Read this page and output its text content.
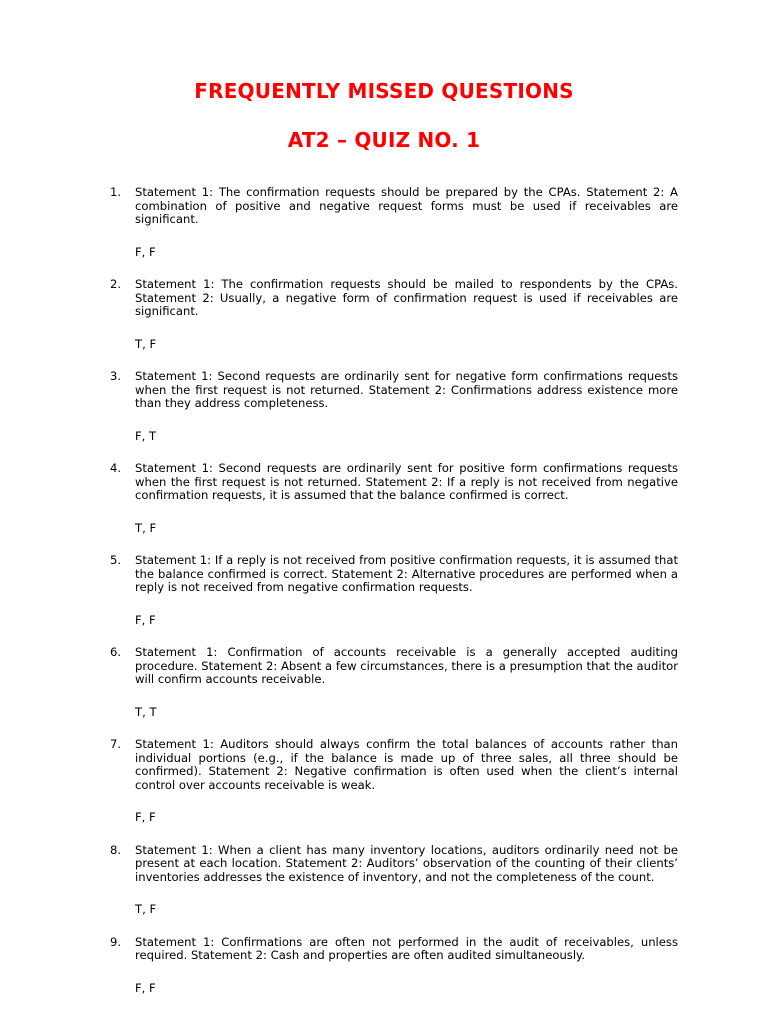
FREQUENTLY MISSED QUESTIONS
AT2 – QUIZ NO. 1
1. Statement 1: The confirmation requests should be prepared by the CPAs. Statement 2: A combination of positive and negative request forms must be used if receivables are significant.

F, F

2. Statement 1: The confirmation requests should be mailed to respondents by the CPAs. Statement 2: Usually, a negative form of confirmation request is used if receivables are significant.

T, F

3. Statement 1: Second requests are ordinarily sent for negative form confirmations requests when the first request is not returned. Statement 2: Confirmations address existence more than they address completeness.

F, T

4. Statement 1: Second requests are ordinarily sent for positive form confirmations requests when the first request is not returned. Statement 2: If a reply is not received from negative confirmation requests, it is assumed that the balance confirmed is correct.

T, F

5. Statement 1: If a reply is not received from positive confirmation requests, it is assumed that the balance confirmed is correct. Statement 2: Alternative procedures are performed when a reply is not received from negative confirmation requests.

F, F

6. Statement 1: Confirmation of accounts receivable is a generally accepted auditing procedure. Statement 2: Absent a few circumstances, there is a presumption that the auditor will confirm accounts receivable.

T, T

7. Statement 1: Auditors should always confirm the total balances of accounts rather than individual portions (e.g., if the balance is made up of three sales, all three should be confirmed). Statement 2: Negative confirmation is often used when the client’s internal control over accounts receivable is weak.

F, F

8. Statement 1: When a client has many inventory locations, auditors ordinarily need not be present at each location. Statement 2: Auditors’ observation of the counting of their clients’ inventories addresses the existence of inventory, and not the completeness of the count.

T, F

9. Statement 1: Confirmations are often not performed in the audit of receivables, unless required. Statement 2: Cash and properties are often audited simultaneously.

F, F
